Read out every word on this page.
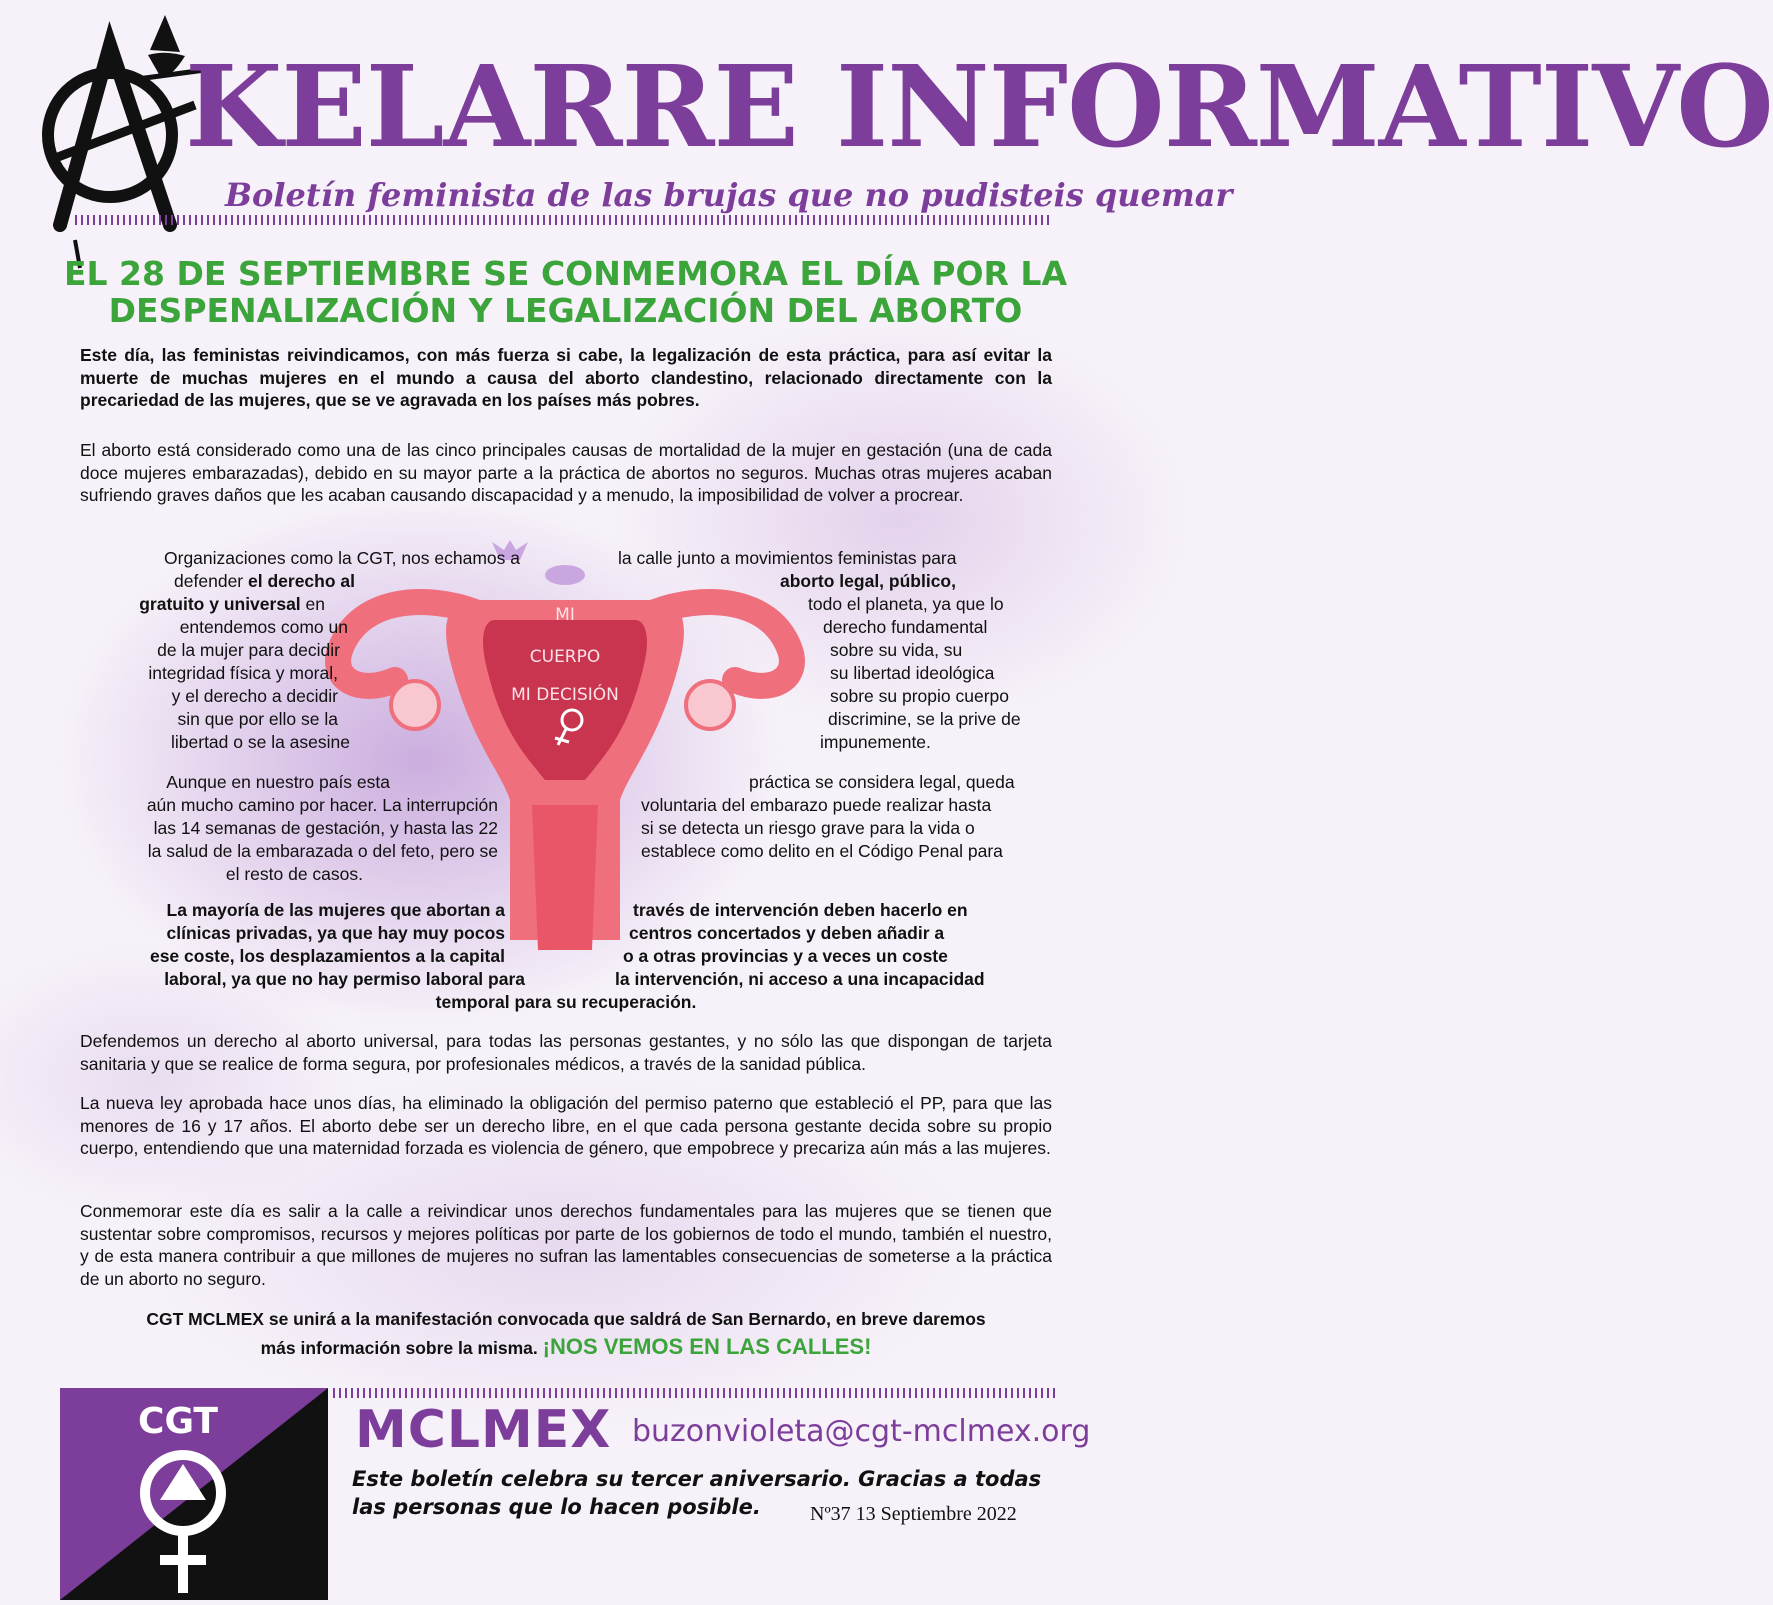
KELARRE INFORMATIVO
Boletín feminista de las brujas que no pudisteis quemar
EL 28 DE SEPTIEMBRE SE CONMEMORA EL DÍA POR LA DESPENALIZACIÓN Y LEGALIZACIÓN DEL ABORTO
Este día, las feministas reivindicamos, con más fuerza si cabe, la legalización de esta práctica, para así evitar la muerte de muchas mujeres en el mundo a causa del aborto clandestino, relacionado directamente con la precariedad de las mujeres, que se ve agravada en los países más pobres.
El aborto está considerado como una de las cinco principales causas de mortalidad de la mujer en gestación (una de cada doce mujeres embarazadas), debido en su mayor parte a la práctica de abortos no seguros. Muchas otras mujeres acaban sufriendo graves daños que les acaban causando discapacidad y a menudo, la imposibilidad de volver a procrear.
MI
CUERPO
MI DECISIÓN
Organizaciones como la CGT, nos echamos a
defender el derecho al
gratuito y universal en
entendemos como un
de la mujer para decidir
integridad física y moral,
y el derecho a decidir
sin que por ello se la
libertad o se la asesine
la calle junto a movimientos feministas para
aborto legal, público,
todo el planeta, ya que lo
derecho fundamental
sobre su vida, su
su libertad ideológica
sobre su propio cuerpo
discrimine, se la prive de
impunemente.
Aunque en nuestro país esta
aún mucho camino por hacer. La interrupción
las 14 semanas de gestación, y hasta las 22
la salud de la embarazada o del feto, pero se
el resto de casos.
práctica se considera legal, queda
voluntaria del embarazo puede realizar hasta
si se detecta un riesgo grave para la vida o
establece como delito en el Código Penal para
La mayoría de las mujeres que abortan a
clínicas privadas, ya que hay muy pocos
ese coste, los desplazamientos a la capital
laboral, ya que no hay permiso laboral para
través de intervención deben hacerlo en
centros concertados y deben añadir a
o a otras provincias y a veces un coste
la intervención, ni acceso a una incapacidad
temporal para su recuperación.
Defendemos un derecho al aborto universal, para todas las personas gestantes, y no sólo las que dispongan de tarjeta sanitaria y que se realice de forma segura, por profesionales médicos, a través de la sanidad pública.
La nueva ley aprobada hace unos días, ha eliminado la obligación del permiso paterno que estableció el PP, para que las menores de 16 y 17 años. El aborto debe ser un derecho libre, en el que cada persona gestante decida sobre su propio cuerpo, entendiendo que una maternidad forzada es violencia de género, que empobrece y precariza aún más a las mujeres.
Conmemorar este día es salir a la calle a reivindicar unos derechos fundamentales para las mujeres que se tienen que sustentar sobre compromisos, recursos y mejores políticas por parte de los gobiernos de todo el mundo, también el nuestro, y de esta manera contribuir a que millones de mujeres no sufran las lamentables consecuencias de someterse a la práctica de un aborto no seguro.
CGT MCLMEX se unirá a la manifestación convocada que saldrá de San Bernardo, en breve daremos
más información sobre la misma. ¡NOS VEMOS EN LAS CALLES!
CGT	MCLMEX buzonvioleta@cgt-mclmex.org
Este boletín celebra su tercer aniversario. Gracias a todas las personas que lo hacen posible.	Nº37 13 Septiembre 2022
